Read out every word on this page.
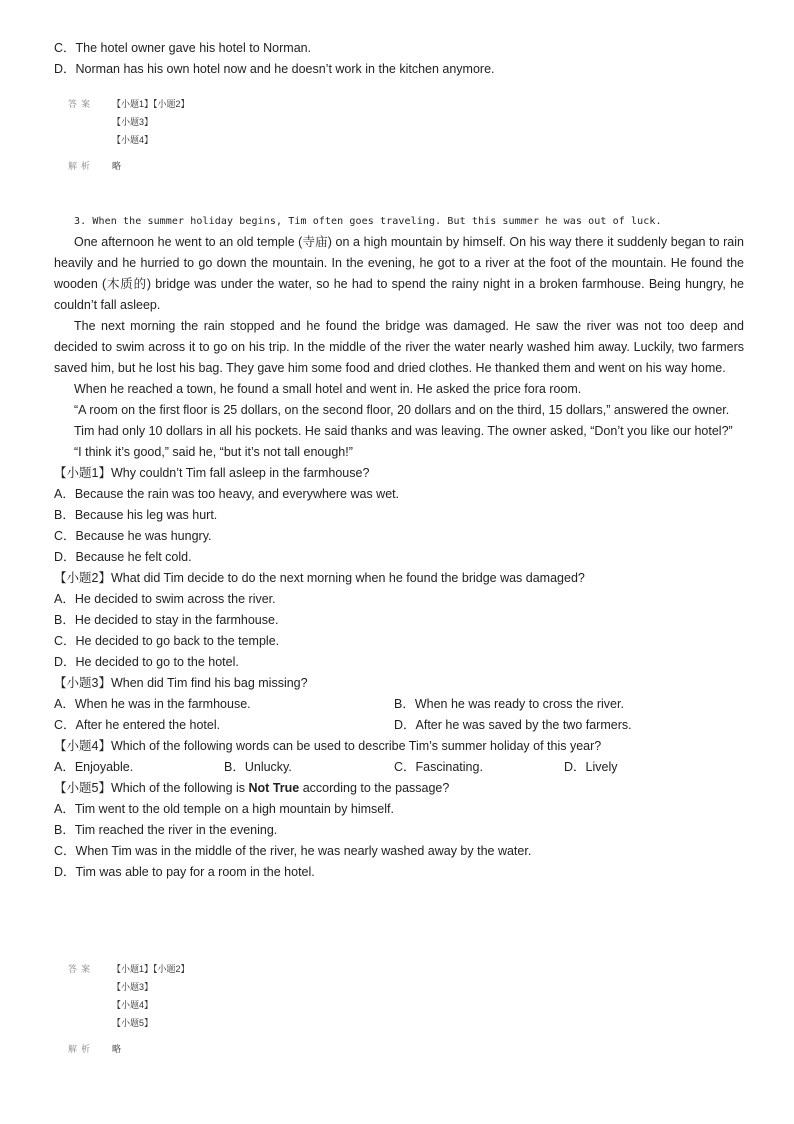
C．The hotel owner gave his hotel to Norman.
D．Norman has his own hotel now and he doesn’t work in the kitchen anymore.
答案	【小题1】【小题2】
【小题3】
【小题4】
解析	略
3. When the summer holiday begins, Tim often goes traveling. But this summer he was out of luck.
One afternoon he went to an old temple (寺庙) on a high mountain by himself. On his way there it suddenly began to rain heavily and he hurried to go down the mountain. In the evening, he got to a river at the foot of the mountain. He found the wooden (木质的) bridge was under the water, so he had to spend the rainy night in a broken farmhouse. Being hungry, he couldn’t fall asleep.
The next morning the rain stopped and he found the bridge was damaged. He saw the river was not too deep and decided to swim across it to go on his trip. In the middle of the river the water nearly washed him away. Luckily, two farmers saved him, but he lost his bag. They gave him some food and dried clothes. He thanked them and went on his way home.
When he reached a town, he found a small hotel and went in. He asked the price fora room.
“A room on the first floor is 25 dollars, on the second floor, 20 dollars and on the third, 15 dollars,” answered the owner.
Tim had only 10 dollars in all his pockets. He said thanks and was leaving. The owner asked, “Don’t you like our hotel?”
“I think it’s good,” said he, “but it’s not tall enough!”
【小题1】Why couldn’t Tim fall asleep in the farmhouse?
A．Because the rain was too heavy, and everywhere was wet.
B．Because his leg was hurt.
C．Because he was hungry.
D．Because he felt cold.
【小题2】What did Tim decide to do the next morning when he found the bridge was damaged?
A．He decided to swim across the river.
B．He decided to stay in the farmhouse.
C．He decided to go back to the temple.
D．He decided to go to the hotel.
【小题3】When did Tim find his bag missing?
A．When he was in the farmhouse.	B．When he was ready to cross the river.
C．After he entered the hotel.	D．After he was saved by the two farmers.
【小题4】Which of the following words can be used to describe Tim’s summer holiday of this year?
A．Enjoyable.	B．Unlucky.	C．Fascinating.	D．Lively
【小题5】Which of the following is Not True according to the passage?
A．Tim went to the old temple on a high mountain by himself.
B．Tim reached the river in the evening.
C．When Tim was in the middle of the river, he was nearly washed away by the water.
D．Tim was able to pay for a room in the hotel.
答案	【小题1】【小题2】
【小题3】
【小题4】
【小题5】
解析	略
